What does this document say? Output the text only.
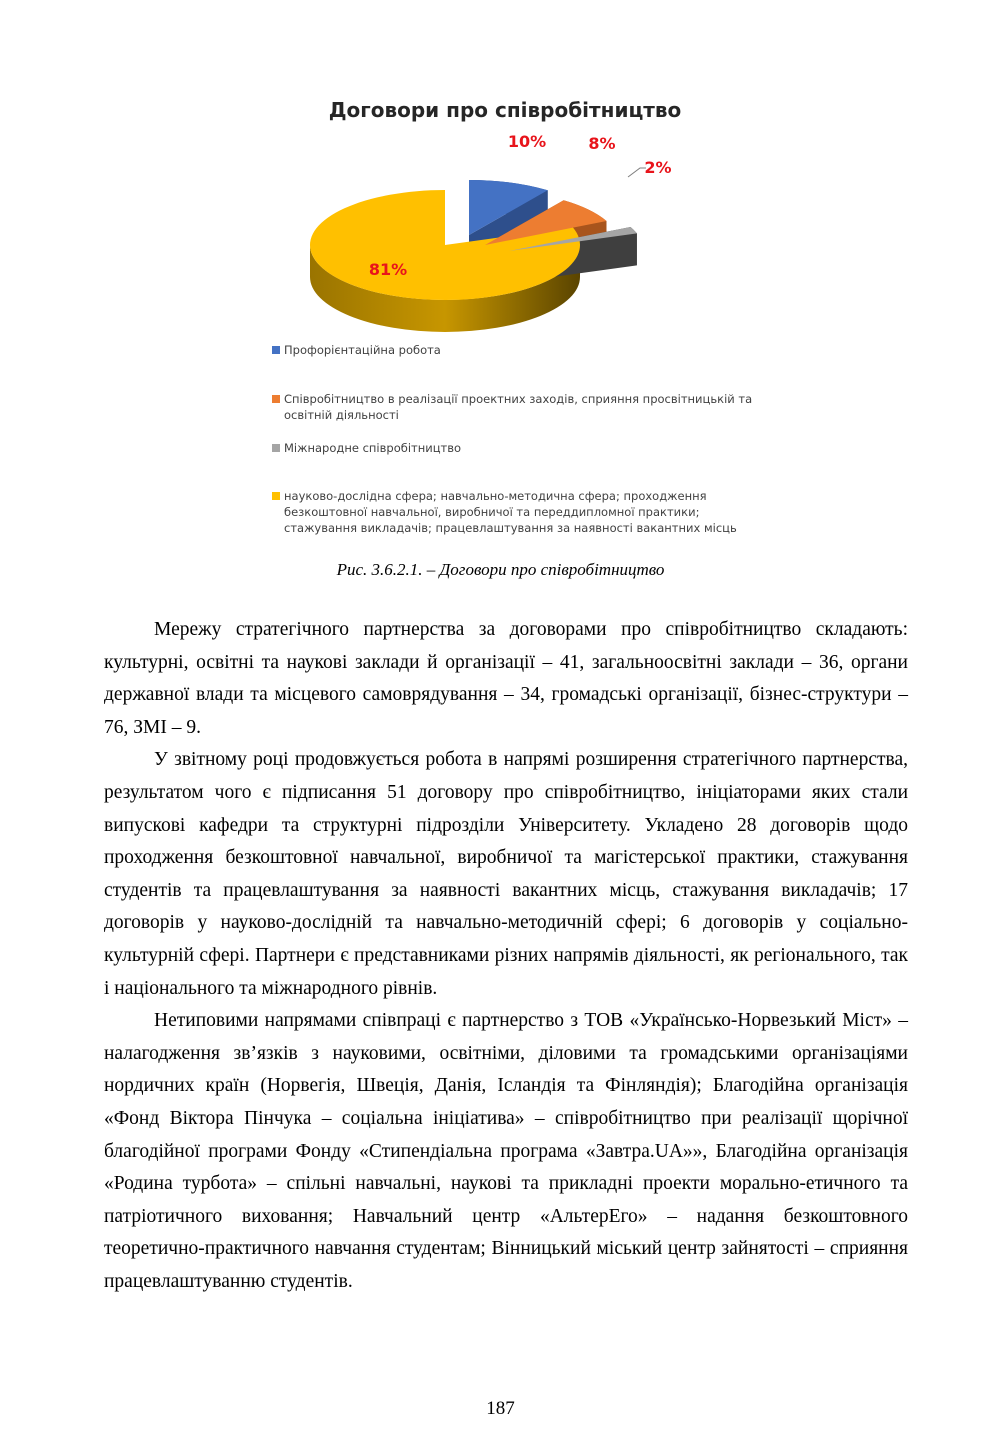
Договори про співробітництво
10%	8%
2%
81%
Профорієнтаційна робота
Співробітництво в реалізації проектних заходів, сприяння просвітницькій та освітній діяльності
Міжнародне співробітництво
науково-дослідна сфера; навчально-методична сфера; проходження безкоштовної навчальної, виробничої та переддипломної практики; стажування викладачів; працевлаштування за наявності вакантних місць
Рис. 3.6.2.1. – Договори про співробітництво

Мережу стратегічного партнерства за договорами про співробітництво складають: культурні, освітні та наукові заклади й організації – 41, загальноосвітні заклади – 36, органи державної влади та місцевого самоврядування – 34, громадські організації, бізнес-структури – 76, ЗМІ – 9.

У звітному році продовжується робота в напрямі розширення стратегічного партнерства, результатом чого є підписання 51 договору про співробітництво, ініціаторами яких стали випускові кафедри та структурні підрозділи Університету. Укладено 28 договорів щодо проходження безкоштовної навчальної, виробничої та магістерської практики, стажування студентів та працевлаштування за наявності вакантних місць, стажування викладачів; 17 договорів у науково-дослідній та навчально-методичній сфері; 6 договорів у соціально-культурній сфері. Партнери є представниками різних напрямів діяльності, як регіонального, так і національного та міжнародного рівнів.

Нетиповими напрямами співпраці є партнерство з ТОВ «Українсько-Норвезький Міст» – налагодження зв’язків з науковими, освітніми, діловими та громадськими організаціями нордичних країн (Норвегія, Швеція, Данія, Ісландія та Фінляндія); Благодійна організація «Фонд Віктора Пінчука – соціальна ініціатива» – співробітництво при реалізації щорічної благодійної програми Фонду «Стипендіальна програма «Завтра.UA»», Благодійна організація «Родина турбота» – спільні навчальні, наукові та прикладні проекти морально-етичного та патріотичного виховання; Навчальний центр «АльтерЕго» – надання безкоштовного теоретично-практичного навчання студентам; Вінницький міський центр зайнятості – сприяння працевлаштуванню студентів.

187
